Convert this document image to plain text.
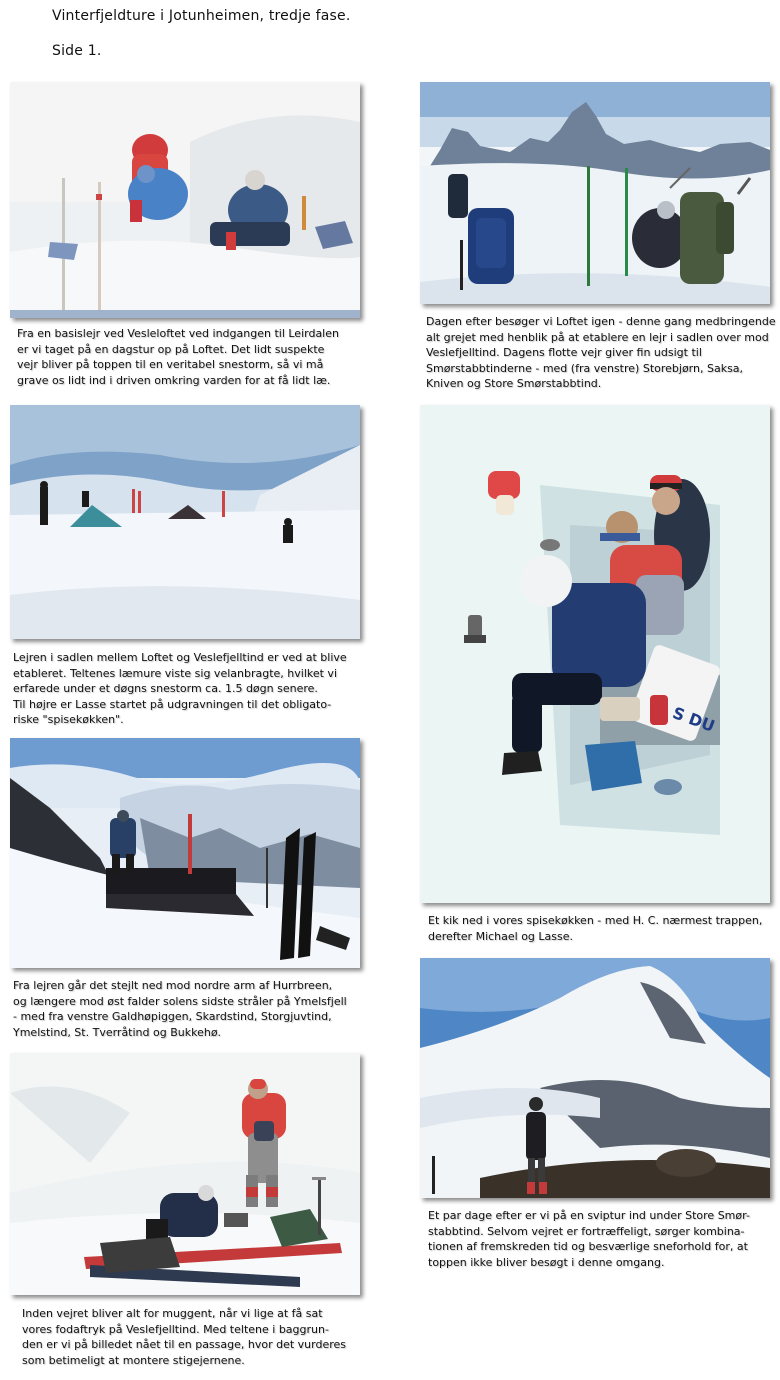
Vinterfjeldture i Jotunheimen, tredje fase.
Side 1.
Fra en basislejr ved Vesleloftet ved indgangen til Leirdalen
er vi taget på en dagstur op på Loftet. Det lidt suspekte
vejr bliver på toppen til en veritabel snestorm, så vi må
grave os lidt ind i driven omkring varden for at få lidt læ.
Dagen efter besøger vi Loftet igen - denne gang medbringende
alt grejet med henblik på at etablere en lejr i sadlen over mod
Veslefjelltind. Dagens flotte vejr giver fin udsigt til
Smørstabbtinderne - med (fra venstre) Storebjørn, Saksa,
Kniven og Store Smørstabbtind.
Lejren i sadlen mellem Loftet og Veslefjelltind er ved at blive
etableret. Teltenes læmure viste sig velanbragte, hvilket vi
erfarede under et døgns snestorm ca. 1.5 døgn senere.
Til højre er Lasse startet på udgravningen til det obligato-
riske "spisekøkken".	S DU
Et kik ned i vores spisekøkken - med H. C. nærmest trappen,
derefter Michael og Lasse.
Fra lejren går det stejlt ned mod nordre arm af Hurrbreen,
og længere mod øst falder solens sidste stråler på Ymelsfjell
- med fra venstre Galdhøpiggen, Skardstind, Storgjuvtind,
Ymelstind, St. Tverråtind og Bukkehø.
Et par dage efter er vi på en sviptur ind under Store Smør-
stabbtind. Selvom vejret er fortræffeligt, sørger kombina-
tionen af fremskreden tid og besværlige sneforhold for, at
toppen ikke bliver besøgt i denne omgang.
Inden vejret bliver alt for muggent, når vi lige at få sat
vores fodaftryk på Veslefjelltind. Med teltene i baggrun-
den er vi på billedet nået til en passage, hvor det vurderes
som betimeligt at montere stigejernene.
